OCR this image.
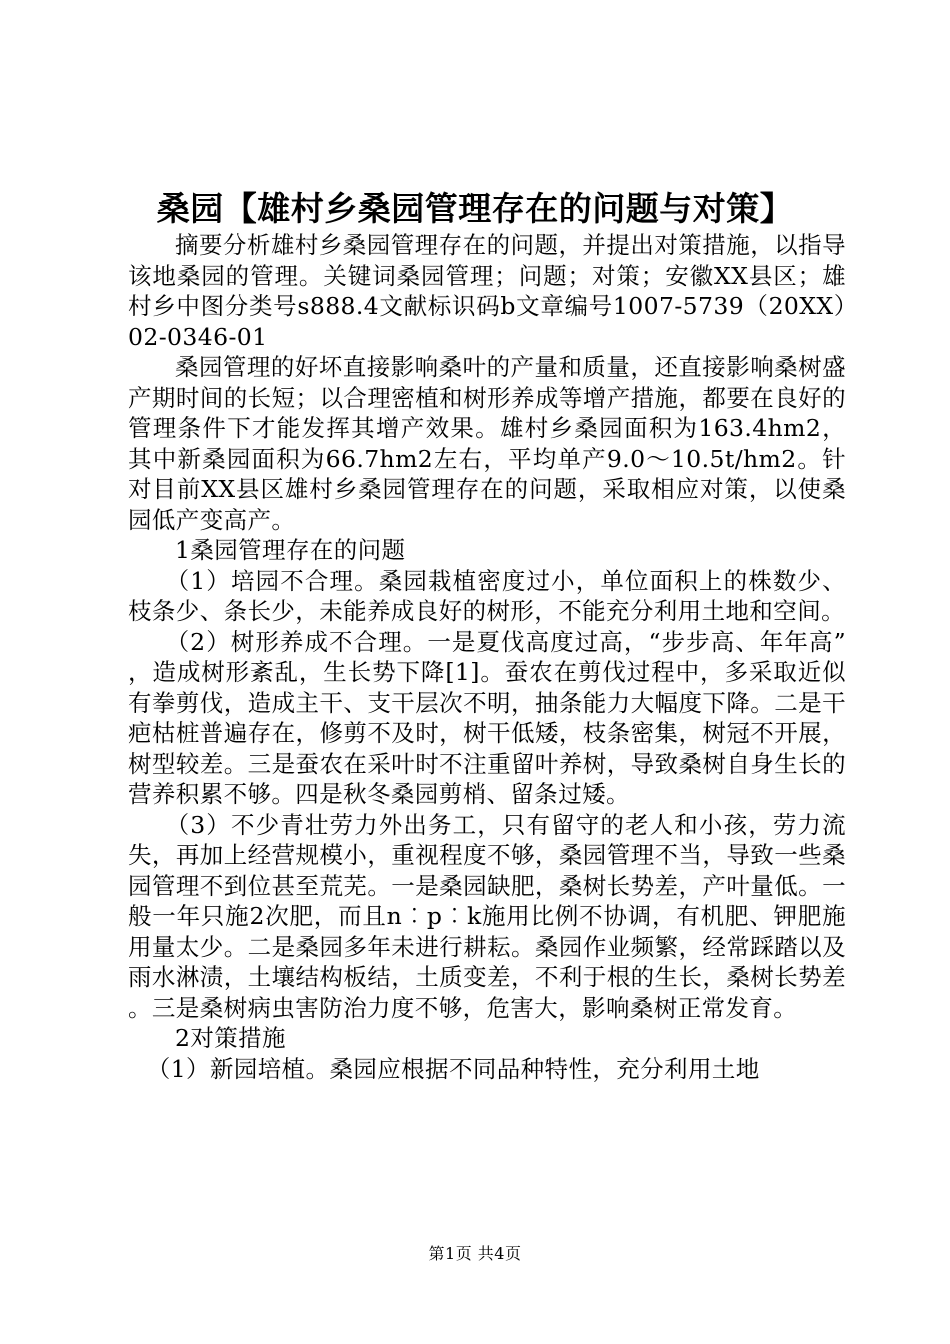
桑园【雄村乡桑园管理存在的问题与对策】

摘要分析雄村乡桑园管理存在的问题，并提出对策措施，以指导该地桑园的管理。关键词桑园管理；问题；对策；安徽XX县区；雄村乡中图分类号s888.4文献标识码b文章编号1007-5739（20XX）02-0346-01

桑园管理的好坏直接影响桑叶的产量和质量，还直接影响桑树盛产期时间的长短；以合理密植和树形养成等增产措施，都要在良好的管理条件下才能发挥其增产效果。雄村乡桑园面积为163.4hm2，其中新桑园面积为66.7hm2左右，平均单产9.0～10.5t/hm2。针对目前XX县区雄村乡桑园管理存在的问题，采取相应对策，以使桑园低产变高产。

1桑园管理存在的问题

（1）培园不合理。桑园栽植密度过小，单位面积上的株数少、枝条少、条长少，未能养成良好的树形，不能充分利用土地和空间。

（2）树形养成不合理。一是夏伐高度过高，“步步高、年年高”，造成树形紊乱，生长势下降[1]。蚕农在剪伐过程中，多采取近似有拳剪伐，造成主干、支干层次不明，抽条能力大幅度下降。二是干疤枯桩普遍存在，修剪不及时，树干低矮，枝条密集，树冠不开展，树型较差。三是蚕农在采叶时不注重留叶养树，导致桑树自身生长的营养积累不够。四是秋冬桑园剪梢、留条过矮。

（3）不少青壮劳力外出务工，只有留守的老人和小孩，劳力流失，再加上经营规模小，重视程度不够，桑园管理不当，导致一些桑园管理不到位甚至荒芜。一是桑园缺肥，桑树长势差，产叶量低。一般一年只施2次肥，而且n︰p︰k施用比例不协调，有机肥、钾肥施用量太少。二是桑园多年未进行耕耘。桑园作业频繁，经常踩踏以及雨水淋渍，土壤结构板结，土质变差，不利于根的生长，桑树长势差。三是桑树病虫害防治力度不够，危害大，影响桑树正常发育。

2对策措施

（1）新园培植。桑园应根据不同品种特性，充分利用土地

第1页 共4页
